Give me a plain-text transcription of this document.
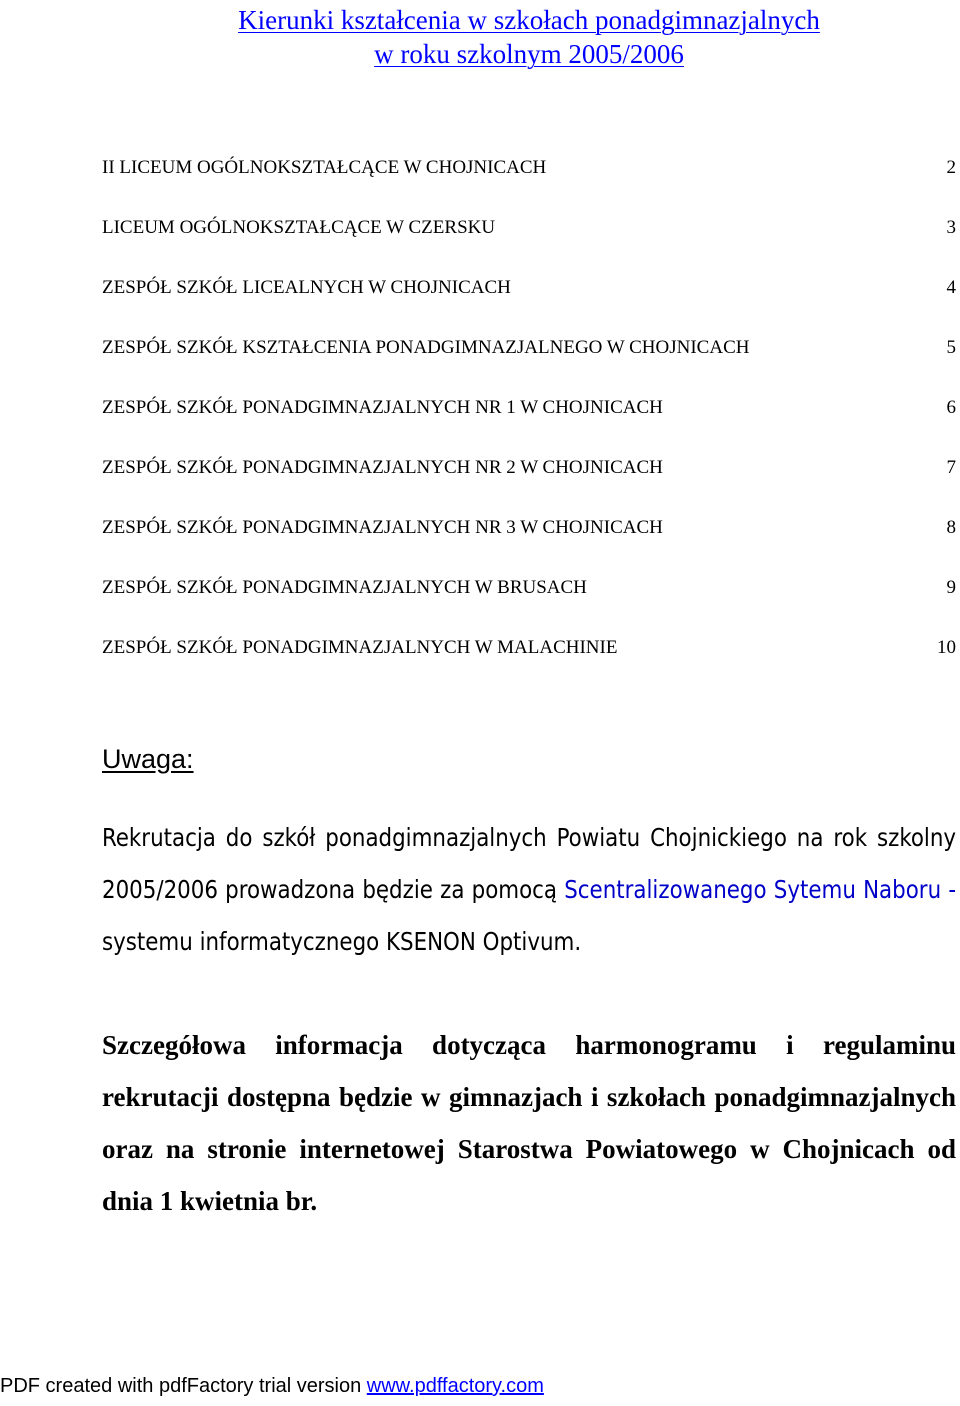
Kierunki kształcenia w szkołach ponadgimnazjalnych
w roku szkolnym 2005/2006
II LICEUM OGÓLNOKSZTAŁCĄCE W CHOJNICACH	2
LICEUM OGÓLNOKSZTAŁCĄCE W CZERSKU	3
ZESPÓŁ SZKÓŁ LICEALNYCH W CHOJNICACH	4
ZESPÓŁ SZKÓŁ KSZTAŁCENIA PONADGIMNAZJALNEGO W CHOJNICACH	5
ZESPÓŁ SZKÓŁ PONADGIMNAZJALNYCH NR 1 W CHOJNICACH	6
ZESPÓŁ SZKÓŁ PONADGIMNAZJALNYCH NR 2 W CHOJNICACH	7
ZESPÓŁ SZKÓŁ PONADGIMNAZJALNYCH NR 3 W CHOJNICACH	8
ZESPÓŁ SZKÓŁ PONADGIMNAZJALNYCH W BRUSACH	9
ZESPÓŁ SZKÓŁ PONADGIMNAZJALNYCH W MALACHINIE	10
Uwaga:

Rekrutacja do szkół ponadgimnazjalnych Powiatu Chojnickiego na rok szkolny 2005/2006 prowadzona będzie za pomocą Scentralizowanego Sytemu Naboru - systemu informatycznego KSENON Optivum.

Szczegółowa informacja dotycząca harmonogramu i regulaminu rekrutacji dostępna będzie w gimnazjach i szkołach ponadgimnazjalnych oraz na stronie internetowej Starostwa Powiatowego w Chojnicach od dnia 1 kwietnia br.

PDF created with pdfFactory trial version www.pdffactory.com
